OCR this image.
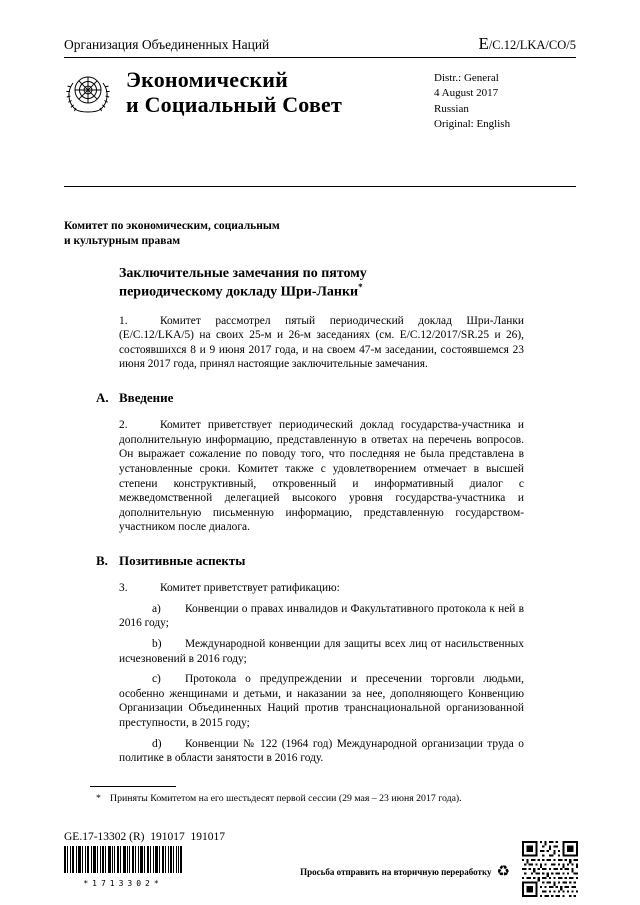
Организация Объединенных Наций	E/C.12/LKA/CO/5
Экономический
и Социальный Совет
Distr.: General
4 August 2017
Russian
Original: English
Комитет по экономическим, социальным
и культурным правам
Заключительные замечания по пятому
периодическому докладу Шри-Ланки*

1.	Комитет рассмотрел пятый периодический доклад Шри-Ланки (E/C.12/LKA/5) на своих 25-м и 26-м заседаниях (см. E/C.12/2017/SR.25 и 26), состоявшихся 8 и 9 июня 2017 года, и на своем 47-м заседании, состоявшемся 23 июня 2017 года, принял настоящие заключительные замечания.

A. Введение

2.	Комитет приветствует периодический доклад государства-участника и дополнительную информацию, представленную в ответах на перечень вопросов. Он выражает сожаление по поводу того, что последняя не была представлена в установленные сроки. Комитет также с удовлетворением отмечает в высшей степени конструктивный, откровенный и информативный диалог с межведомственной делегацией высокого уровня государства-участника и дополнительную письменную информацию, представленную государством-участником после диалога.

B. Позитивные аспекты

3.	Комитет приветствует ратификацию:

a) Конвенции о правах инвалидов и Факультативного протокола к ней в 2016 году;

b) Международной конвенции для защиты всех лиц от насильственных исчезновений в 2016 году;

c) Протокола о предупреждении и пресечении торговли людьми, особенно женщинами и детьми, и наказании за нее, дополняющего Конвенцию Организации Объединенных Наций против транснациональной организованной преступности, в 2015 году;

d) Конвенции № 122 (1964 год) Международной организации труда о политике в области занятости в 2016 году.

* Приняты Комитетом на его шестьдесят первой сессии (29 мая – 23 июня 2017 года).
GE.17-13302 (R)  191017  191017
*1713302*
Просьба отправить на вторичную переработку ♻
